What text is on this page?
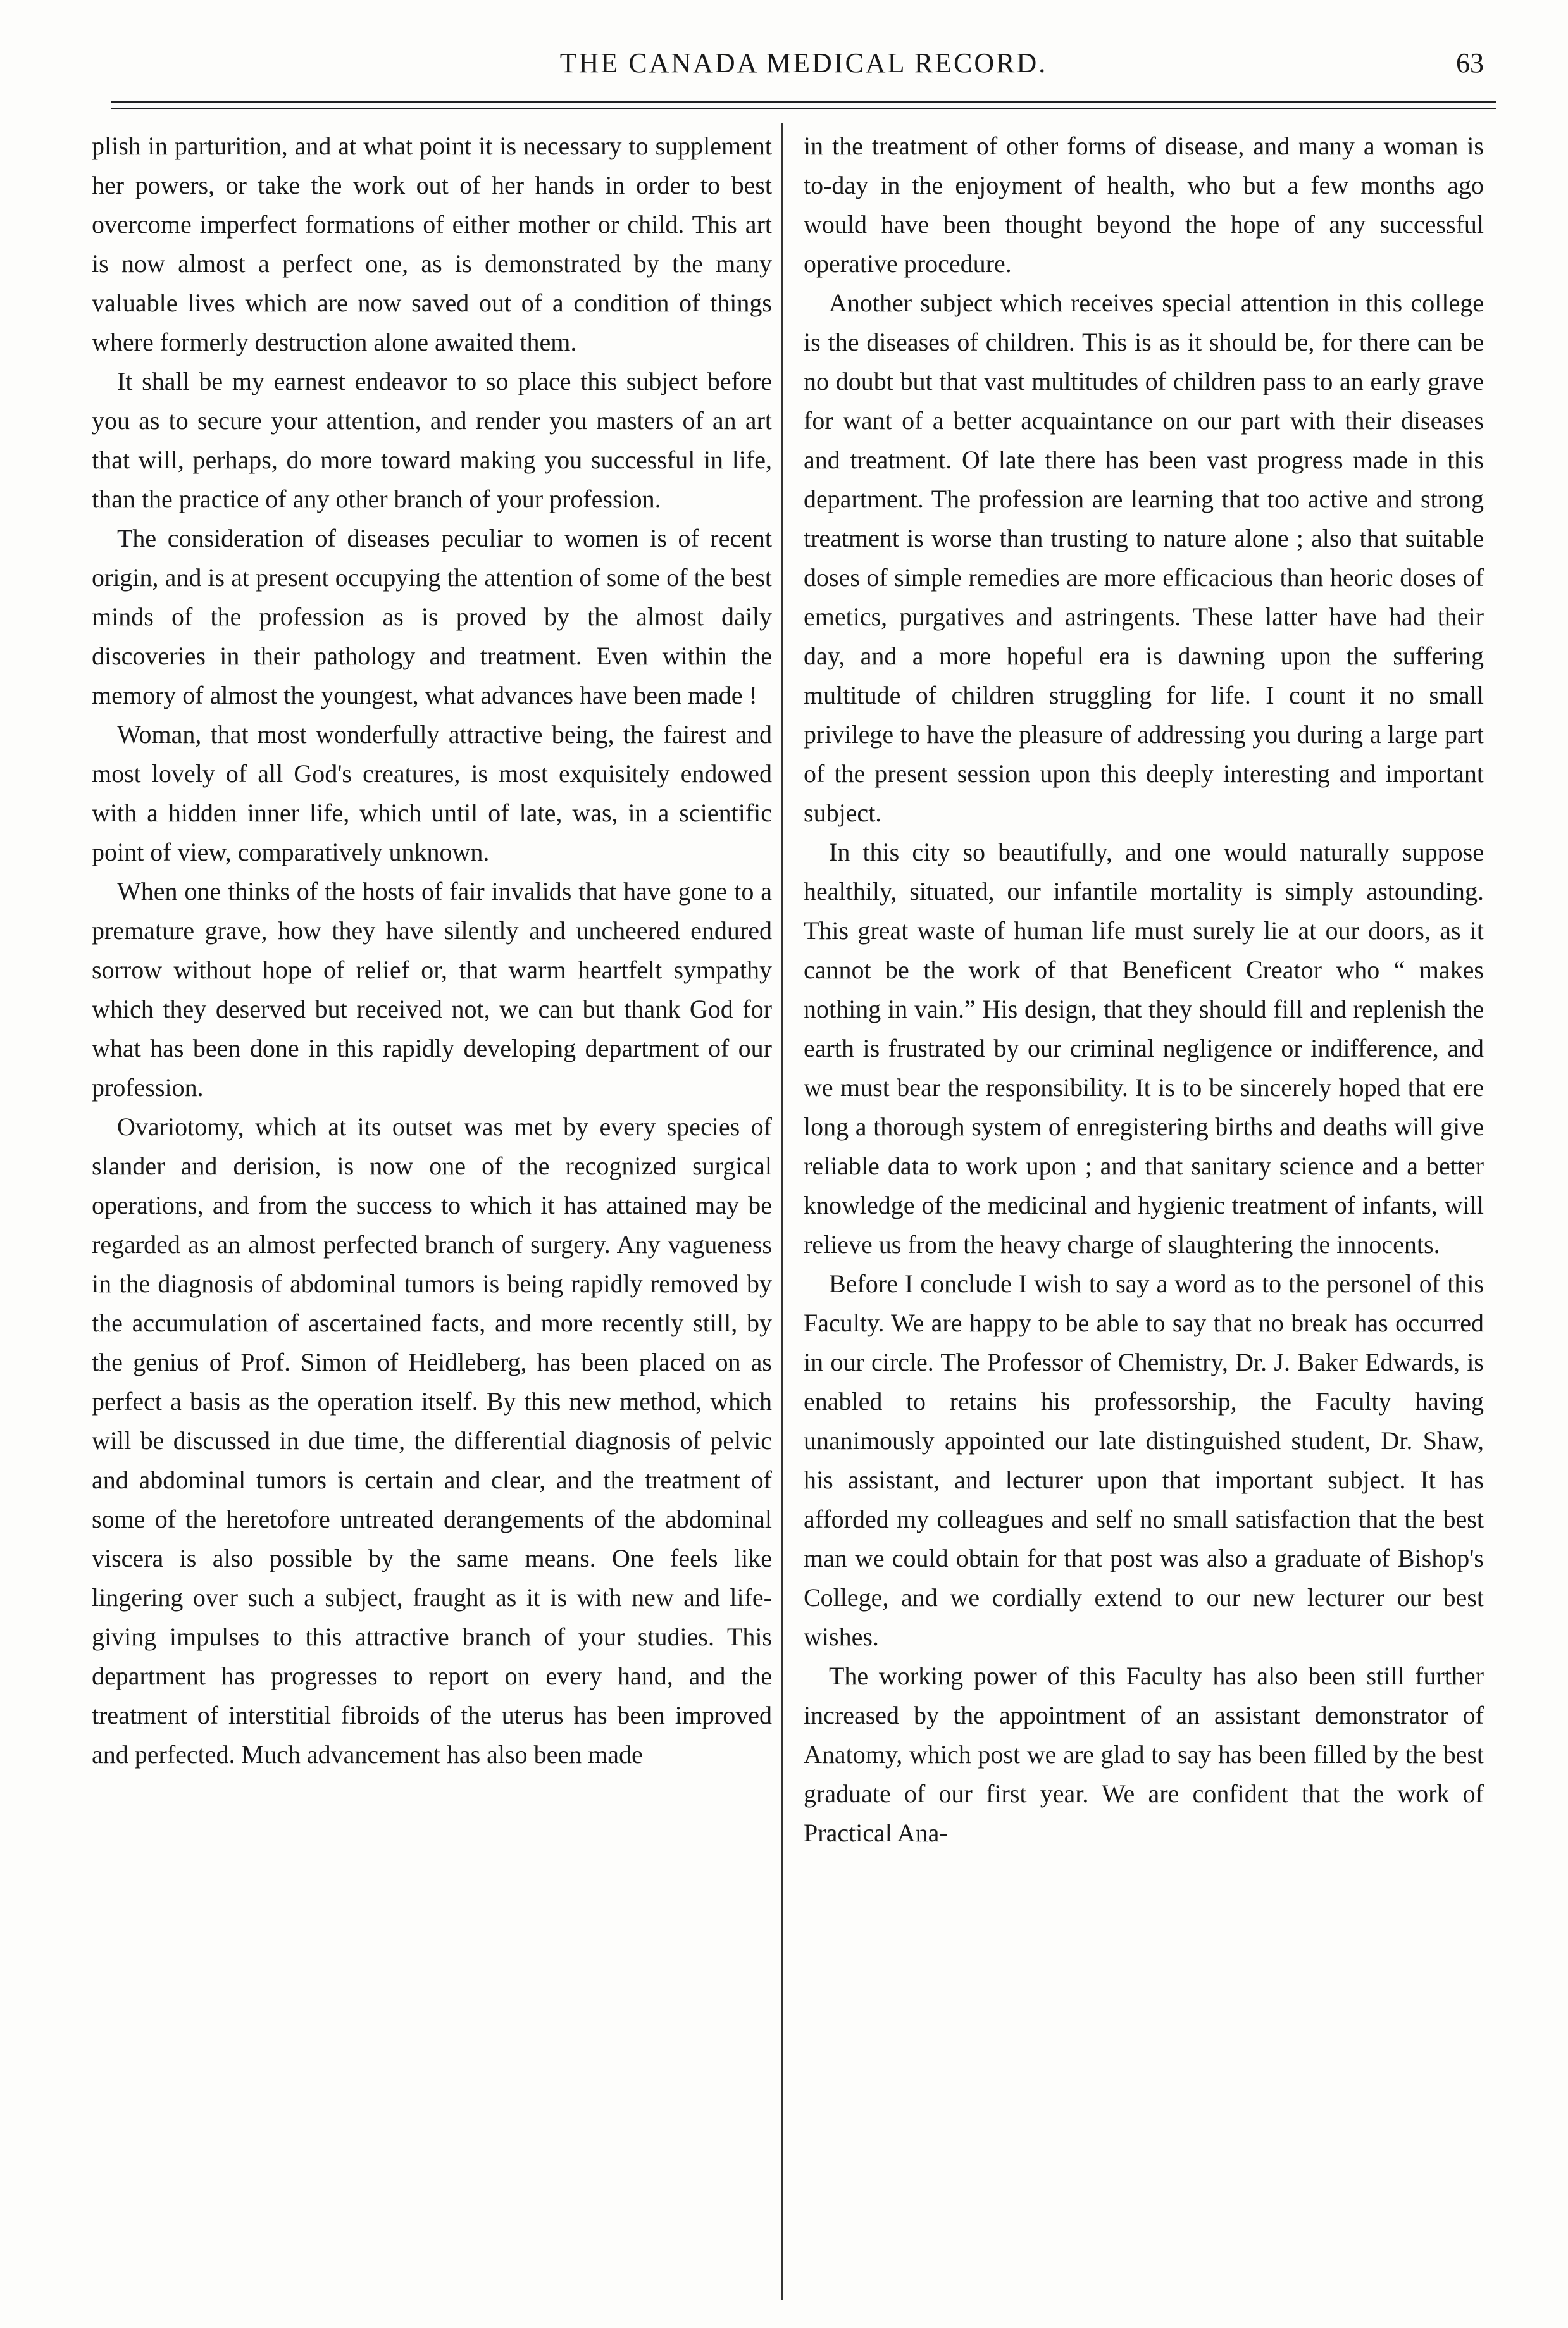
THE CANADA MEDICAL RECORD.	63

plish in parturition, and at what point it is necessary to supplement her powers, or take the work out of her hands in order to best overcome imperfect formations of either mother or child. This art is now almost a perfect one, as is demonstrated by the many valuable lives which are now saved out of a condition of things where formerly destruction alone awaited them.

It shall be my earnest endeavor to so place this subject before you as to secure your attention, and render you masters of an art that will, perhaps, do more toward making you successful in life, than the practice of any other branch of your profession.

The consideration of diseases peculiar to women is of recent origin, and is at present occupying the attention of some of the best minds of the profession as is proved by the almost daily discoveries in their pathology and treatment. Even within the memory of almost the youngest, what advances have been made !

Woman, that most wonderfully attractive being, the fairest and most lovely of all God's creatures, is most exquisitely endowed with a hidden inner life, which until of late, was, in a scientific point of view, comparatively unknown.

When one thinks of the hosts of fair invalids that have gone to a premature grave, how they have silently and uncheered endured sorrow without hope of relief or, that warm heartfelt sympathy which they deserved but received not, we can but thank God for what has been done in this rapidly developing department of our profession.

Ovariotomy, which at its outset was met by every species of slander and derision, is now one of the recognized surgical operations, and from the success to which it has attained may be regarded as an almost perfected branch of surgery. Any vagueness in the diagnosis of abdominal tumors is being rapidly removed by the accumulation of ascertained facts, and more recently still, by the genius of Prof. Simon of Heidleberg, has been placed on as perfect a basis as the operation itself. By this new method, which will be discussed in due time, the differential diagnosis of pelvic and abdominal tumors is certain and clear, and the treatment of some of the heretofore untreated derangements of the abdominal viscera is also possible by the same means. One feels like lingering over such a subject, fraught as it is with new and life-giving impulses to this attractive branch of your studies. This department has progresses to report on every hand, and the treatment of interstitial fibroids of the uterus has been improved and perfected. Much advancement has also been made

in the treatment of other forms of disease, and many a woman is to-day in the enjoyment of health, who but a few months ago would have been thought beyond the hope of any successful operative procedure.

Another subject which receives special attention in this college is the diseases of children. This is as it should be, for there can be no doubt but that vast multitudes of children pass to an early grave for want of a better acquaintance on our part with their diseases and treatment. Of late there has been vast progress made in this department. The profession are learning that too active and strong treatment is worse than trusting to nature alone ; also that suitable doses of simple remedies are more efficacious than heoric doses of emetics, purgatives and astringents. These latter have had their day, and a more hopeful era is dawning upon the suffering multitude of children struggling for life. I count it no small privilege to have the pleasure of addressing you during a large part of the present session upon this deeply interesting and important subject.

In this city so beautifully, and one would naturally suppose healthily, situated, our infantile mortality is simply astounding. This great waste of human life must surely lie at our doors, as it cannot be the work of that Beneficent Creator who “ makes nothing in vain.” His design, that they should fill and replenish the earth is frustrated by our criminal negligence or indifference, and we must bear the responsibility. It is to be sincerely hoped that ere long a thorough system of enregistering births and deaths will give reliable data to work upon ; and that sanitary science and a better knowledge of the medicinal and hygienic treatment of infants, will relieve us from the heavy charge of slaughtering the innocents.

Before I conclude I wish to say a word as to the personel of this Faculty. We are happy to be able to say that no break has occurred in our circle. The Professor of Chemistry, Dr. J. Baker Edwards, is enabled to retains his professorship, the Faculty having unanimously appointed our late distinguished student, Dr. Shaw, his assistant, and lecturer upon that important subject. It has afforded my colleagues and self no small satisfaction that the best man we could obtain for that post was also a graduate of Bishop's College, and we cordially extend to our new lecturer our best wishes.

The working power of this Faculty has also been still further increased by the appointment of an assistant demonstrator of Anatomy, which post we are glad to say has been filled by the best graduate of our first year. We are confident that the work of Practical Ana-
